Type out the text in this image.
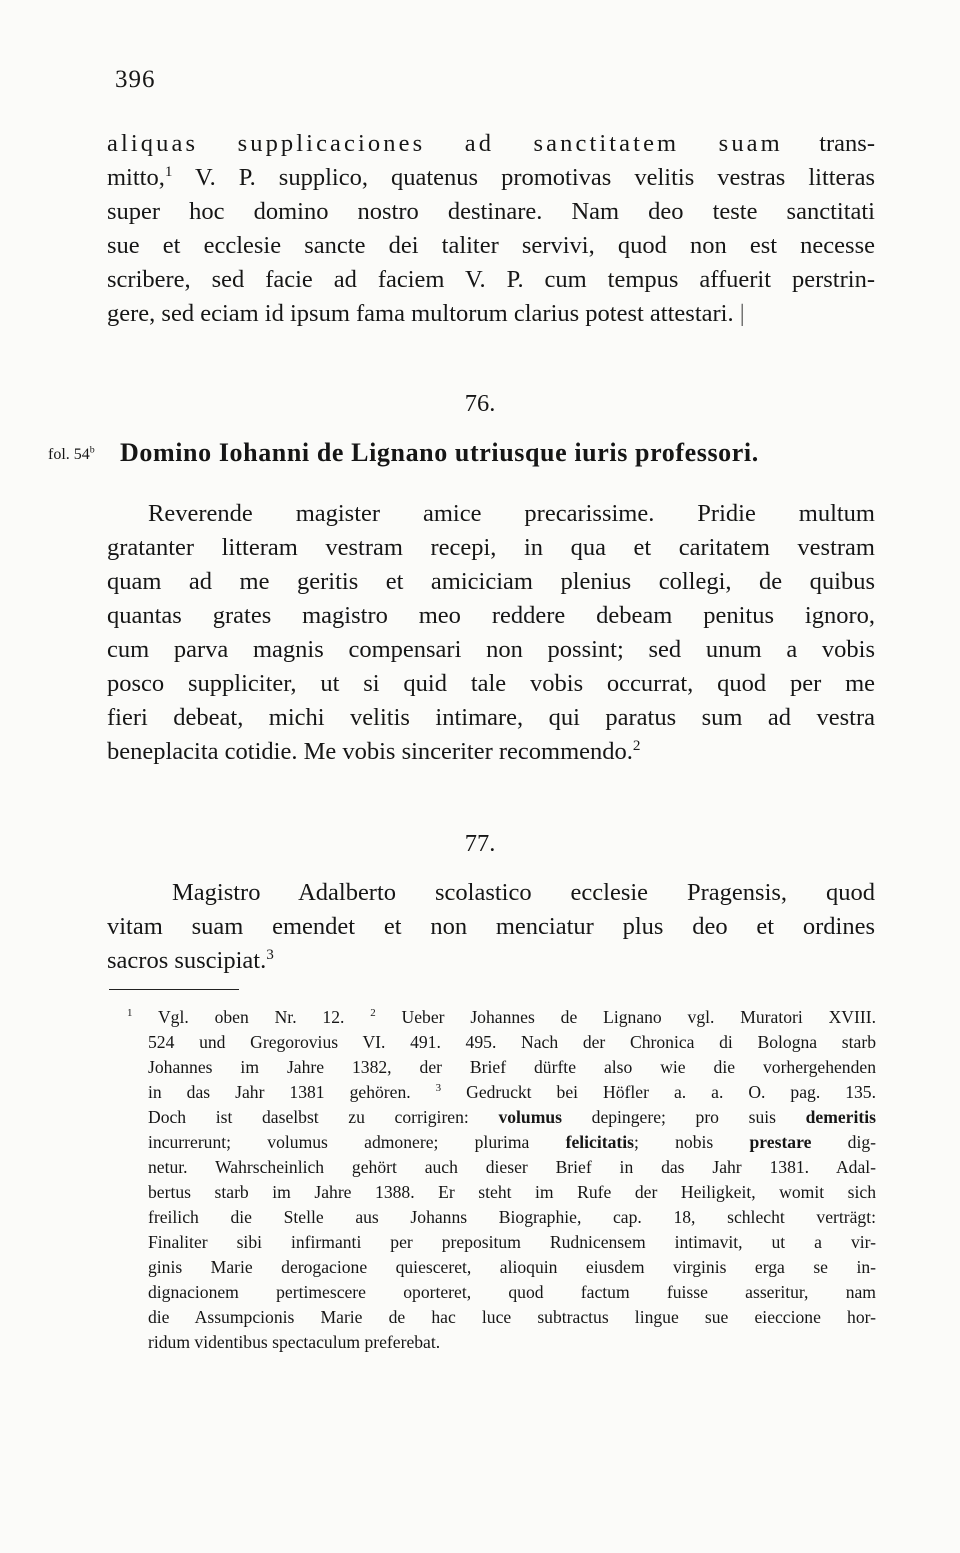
396
aliquas supplicaciones ad sanctitatem suam trans-
mitto,$^1$ V. P. supplico, quatenus promotivas velitis vestras litteras
super hoc domino nostro destinare. Nam deo teste sanctitati
sue et ecclesie sancte dei taliter servivi, quod non est necesse
scribere, sed facie ad faciem V. P. cum tempus affuerit perstrin-
gere, sed eciam id ipsum fama multorum clarius potest attestari. |
76.
fol. 54$^b$ Domino Iohanni de Lignano utriusque iuris professori.
Reverende magister amice precarissime. Pridie multum
gratanter litteram vestram recepi, in qua et caritatem vestram
quam ad me geritis et amiciciam plenius collegi, de quibus
quantas grates magistro meo reddere debeam penitus ignoro,
cum parva magnis compensari non possint; sed unum a vobis
posco suppliciter, ut si quid tale vobis occurrat, quod per me
fieri debeat, michi velitis intimare, qui paratus sum ad vestra
beneplacita cotidie. Me vobis sinceriter recommendo.$^2$
77.
Magistro Adalberto scolastico ecclesie Pragensis, quod
vitam suam emendet et non menciatur plus deo et ordines
sacros suscipiat.$^3$
$^1$ Vgl. oben Nr. 12. $^2$ Ueber Johannes de Lignano vgl. Muratori XVIII.
524 und Gregorovius VI. 491. 495. Nach der Chronica di Bologna starb
Johannes im Jahre 1382, der Brief dürfte also wie die vorhergehenden
in das Jahr 1381 gehören. $^3$ Gedruckt bei Höfler a. a. O. pag. 135.
Doch ist daselbst zu corrigiren: volumus depingere; pro suis demeritis
incurrerunt; volumus admonere; plurima felicitatis; nobis prestare dig-
netur. Wahrscheinlich gehört auch dieser Brief in das Jahr 1381. Adal-
bertus starb im Jahre 1388. Er steht im Rufe der Heiligkeit, womit sich
freilich die Stelle aus Johanns Biographie, cap. 18, schlecht verträgt:
Finaliter sibi infirmanti per prepositum Rudnicensem intimavit, ut a vir-
ginis Marie derogacione quiesceret, alioquin eiusdem virginis erga se in-
dignacionem pertimescere oporteret, quod factum fuisse asseritur, nam
die Assumpcionis Marie de hac luce subtractus lingue sue eieccione hor-
ridum videntibus spectaculum preferebat.
